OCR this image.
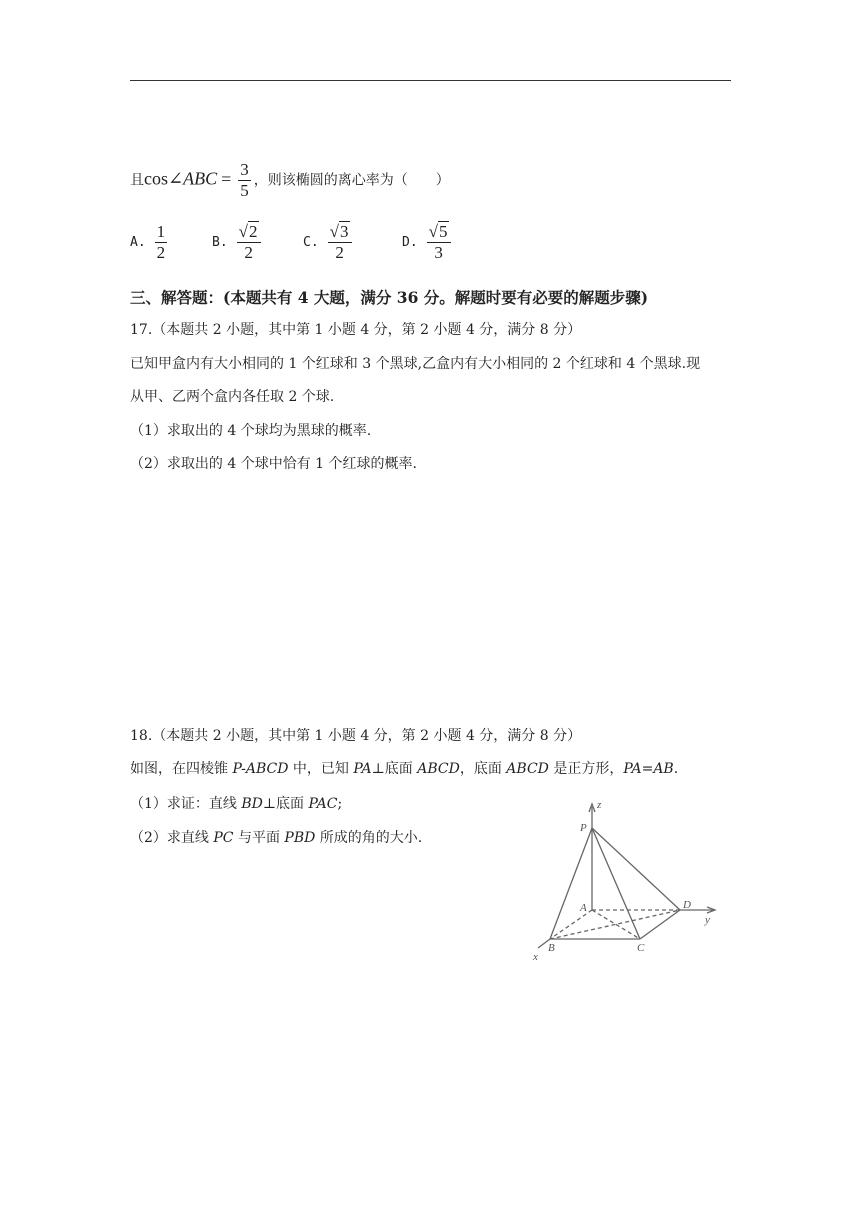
且cos∠ABC = $\frac{3}{5}$ ，则该椭圆的离心率为（　　）
A. $\frac{1}{2}$	B. $\frac{√2}{2}$	C. $\frac{√3}{2}$	D. $\frac{√5}{3}$
三、解答题：(本题共有 4 大题，满分 36 分。解题时要有必要的解题步骤)
17.（本题共 2 小题，其中第 1 小题 4 分，第 2 小题 4 分，满分 8 分）
已知甲盒内有大小相同的 1 个红球和 3 个黑球,乙盒内有大小相同的 2 个红球和 4 个黑球.现
从甲、乙两个盒内各任取 2 个球.
（1）求取出的 4 个球均为黑球的概率.
（2）求取出的 4 个球中恰有 1 个红球的概率.
18.（本题共 2 小题，其中第 1 小题 4 分，第 2 小题 4 分，满分 8 分）
如图，在四棱锥 P-ABCD 中，已知 PA⊥底面 ABCD，底面 ABCD 是正方形，PA=AB.
（1）求证：直线 BD⊥底面 PAC;
（2）求直线 PC 与平面 PBD 所成的角的大小.
z
P
A	D
y
B	C
x
